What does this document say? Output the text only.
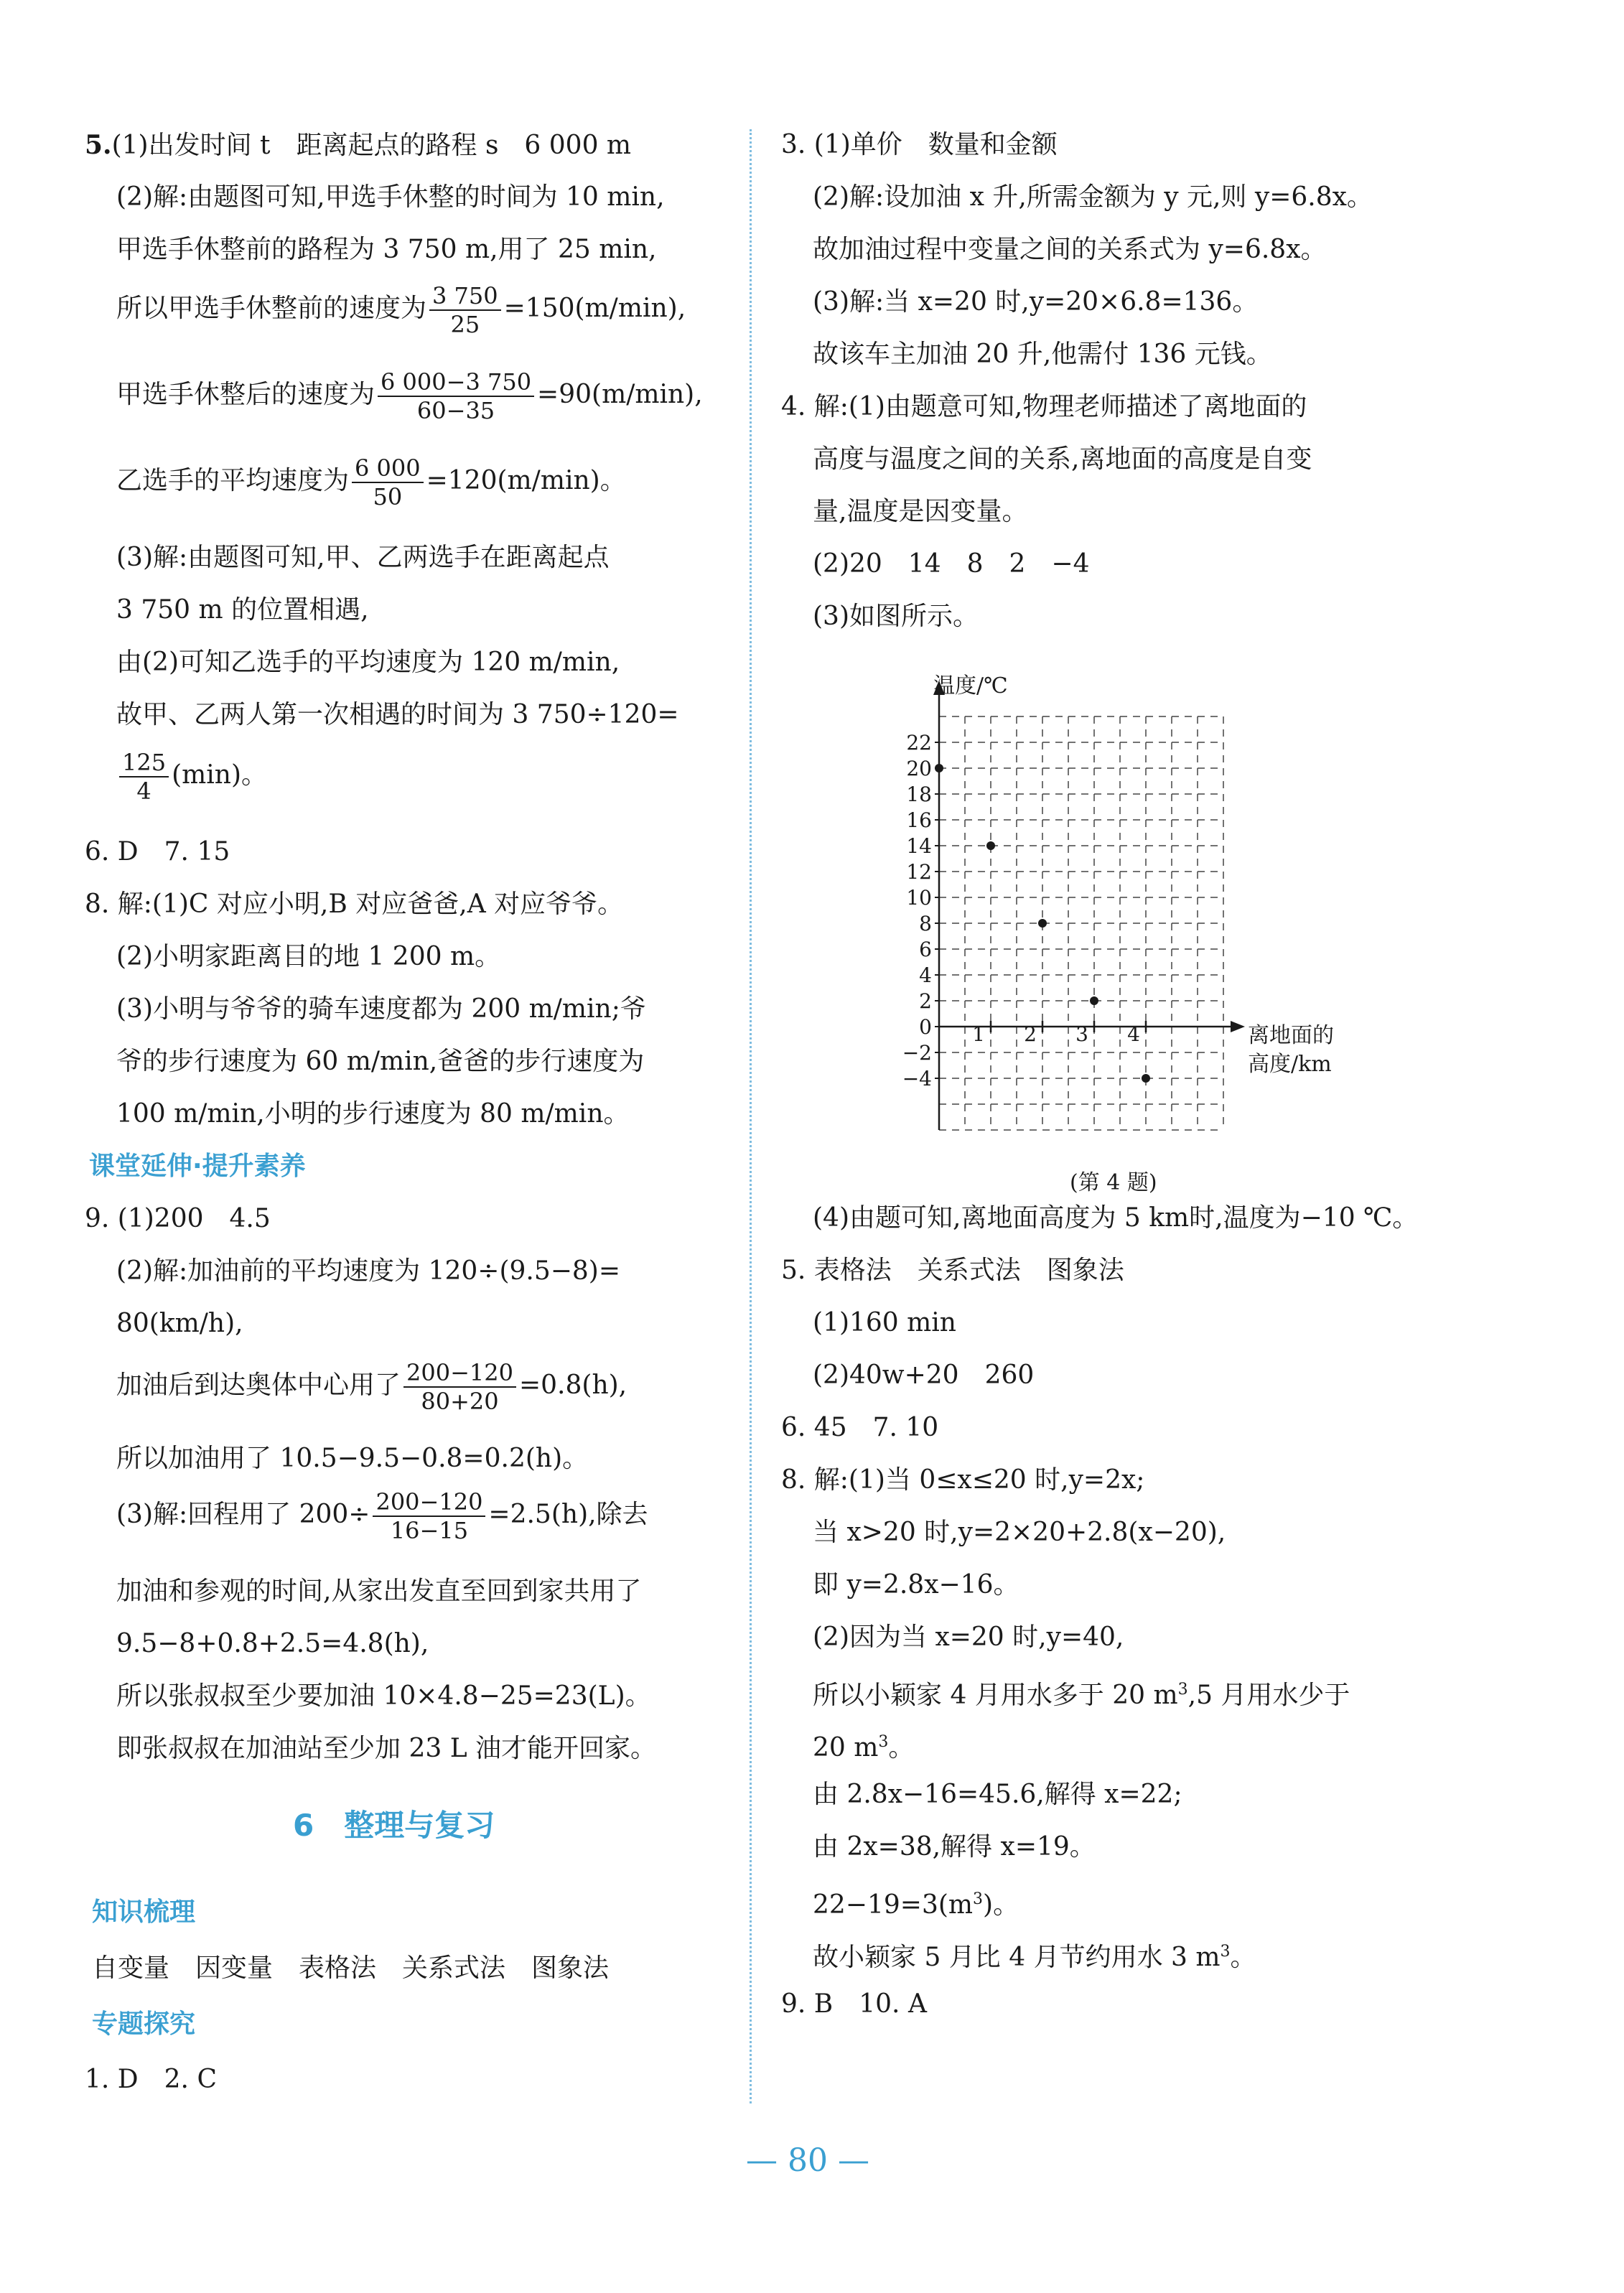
5.(1)出发时间 t　距离起点的路程 s　6 000 m
(2)解:由题图可知,甲选手休整的时间为 10 min,
甲选手休整前的路程为 3 750 m,用了 25 min,
所以甲选手休整前的速度为 $\frac{3 750}{25} =150(m/\min)$,
甲选手休整后的速度为 $\frac{6 000-3 750}{60-35} =90(m/\min)$,
乙选手的平均速度为 $\frac{6 000}{50} =120(m/\min)$。
(3)解:由题图可知,甲、乙两选手在距离起点
3 750 m 的位置相遇,
由(2)可知乙选手的平均速度为 120 m/min,
故甲、乙两人第一次相遇的时间为 3 750÷120=
$\frac{125}{4} (\min)$。
6. D　7. 15
8. 解:(1)C 对应小明,B 对应爸爸,A 对应爷爷。
(2)小明家距离目的地 1 200 m。
(3)小明与爷爷的骑车速度都为 200 m/min;爷
爷的步行速度为 60 m/min,爸爸的步行速度为
100 m/min,小明的步行速度为 80 m/min。
课堂延伸·提升素养
9. (1)200　4.5
(2)解:加油前的平均速度为 120÷(9.5−8)=
80(km/h),
加油后到达奥体中心用了 $\frac{200-120}{80+20} =0.8(h)$,
所以加油用了 10.5−9.5−0.8=0.2(h)。
(3)解:回程用了 $200\div \frac{200-120}{16-15} =2.5(h)$,除去
加油和参观的时间,从家出发直至回到家共用了
9.5−8+0.8+2.5=4.8(h),
所以张叔叔至少要加油 10×4.8−25=23(L)。
即张叔叔在加油站至少加 23 L 油才能开回家。
6　整理与复习
知识梳理
自变量　因变量　表格法　关系式法　图象法
专题探究
1. D　2. C
3. (1)单价　数量和金额
(2)解:设加油 x 升,所需金额为 y 元,则 y=6.8x。
故加油过程中变量之间的关系式为 y=6.8x。
(3)解:当 x=20 时,y=20×6.8=136。
故该车主加油 20 升,他需付 136 元钱。
4. 解:(1)由题意可知,物理老师描述了离地面的
高度与温度之间的关系,离地面的高度是自变
量,温度是因变量。
(2)20　14　8　2　−4
(3)如图所示。
(4)由题可知,离地面高度为 5 km时,温度为−10 ℃。
5. 表格法　关系式法　图象法
(1)160 min
(2)40w+20　260
6. 45　7. 10
8. 解:(1)当 0≤x≤20 时,y=2x;
当 x>20 时,y=2×20+2.8(x−20),
即 y=2.8x−16。
(2)因为当 x=20 时,y=40,
所以小颖家 4 月用水多于 20 $m^3,5$ 月用水少于
20 $m^3$。
由 2.8x−16=45.6,解得 x=22;
由 2x=38,解得 x=19。
$22-19=3(m^3)$。
故小颖家 5 月比 4 月节约用水 3 $m^3$。
9. B　10. A
22
20
18
16
14
12
10
8
6
4
2
0
−2
−4
1 2 3 4	离地面的
高度/km
温度/℃
(第 4 题)
— 80 —
